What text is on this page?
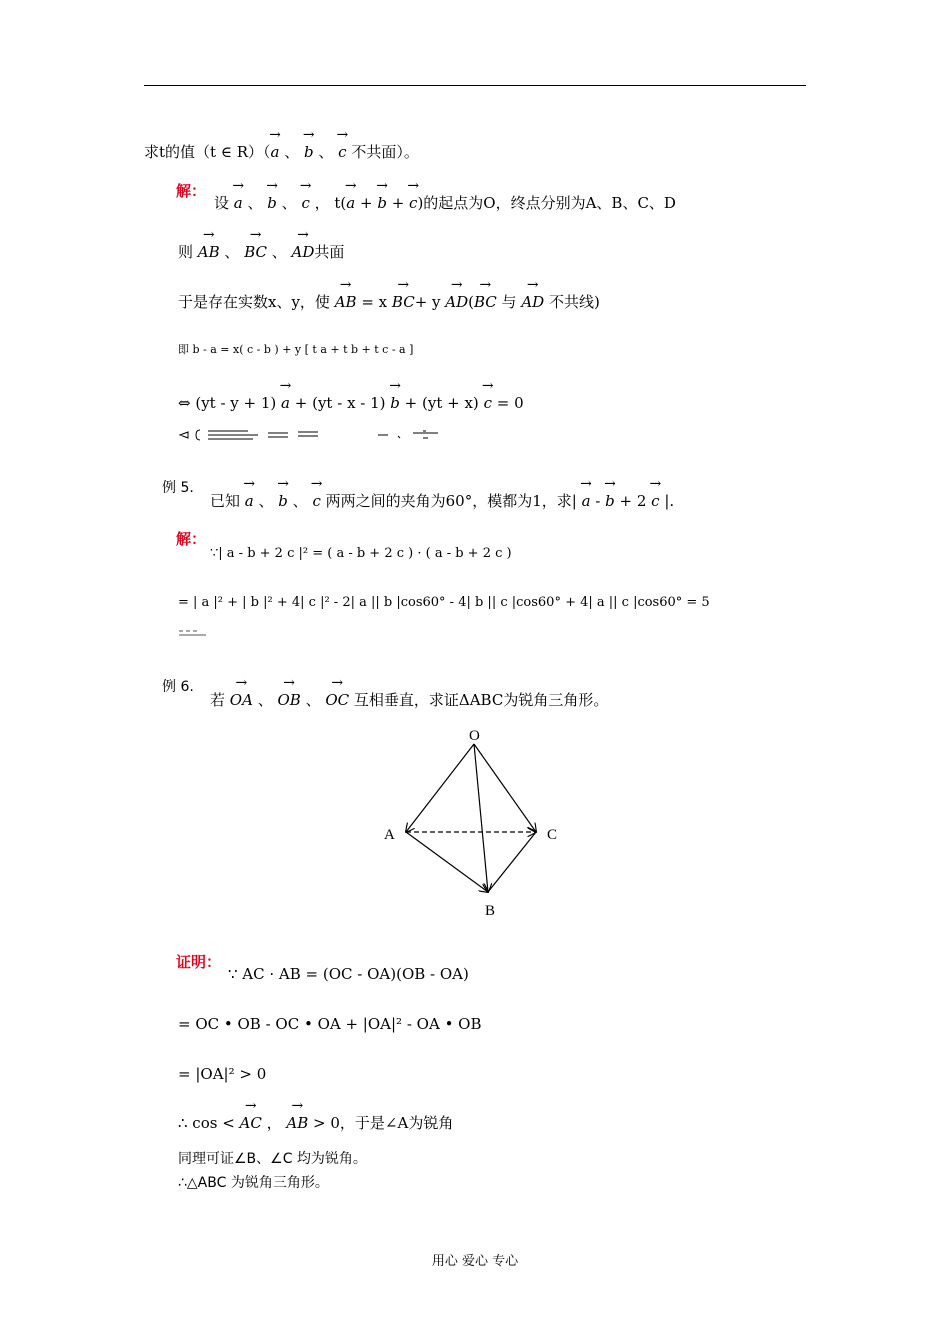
求t的值（t ∈ R）（→ a 、 → b 、 → c 不共面）。
解：
设 → a 、 → b 、 → c ， t(→ a + → b + → c)的起点为O，终点分别为A、B、C、D
则 → AB 、 → BC 、 → AD共面
于是存在实数x、y，使 → AB = x → BC+ y → AD(→ BC 与 → AD 不共线)
即 b - a = x( c - b ) + y [ t a + t b + t c - a ]
⇔ (yt - y + 1) → a + (yt - x - 1) → b + (yt + x) → c = 0
例 5.
已知 → a 、 → b 、 → c 两两之间的夹角为60°，模都为1，求| → a - → b + 2 → c |.
解：
∵| a - b + 2 c |² = ( a - b + 2 c ) · ( a - b + 2 c )
= | a |² + | b |² + 4| c |² - 2| a || b |cos60° - 4| b || c |cos60° + 4| a || c |cos60° = 5
例 6.
若 → OA 、 → OB 、 → OC 互相垂直，求证ΔABC为锐角三角形。
O
A	C
B
证明：
∵ AC · AB = (OC - OA)(OB - OA)
= OC • OB - OC • OA + |OA|² - OA • OB
= |OA|² > 0
∴ cos < → AC ， → AB > 0，于是∠A为锐角
同理可证∠B、∠C 均为锐角。
∴△ABC 为锐角三角形。
用心 爱心 专心
